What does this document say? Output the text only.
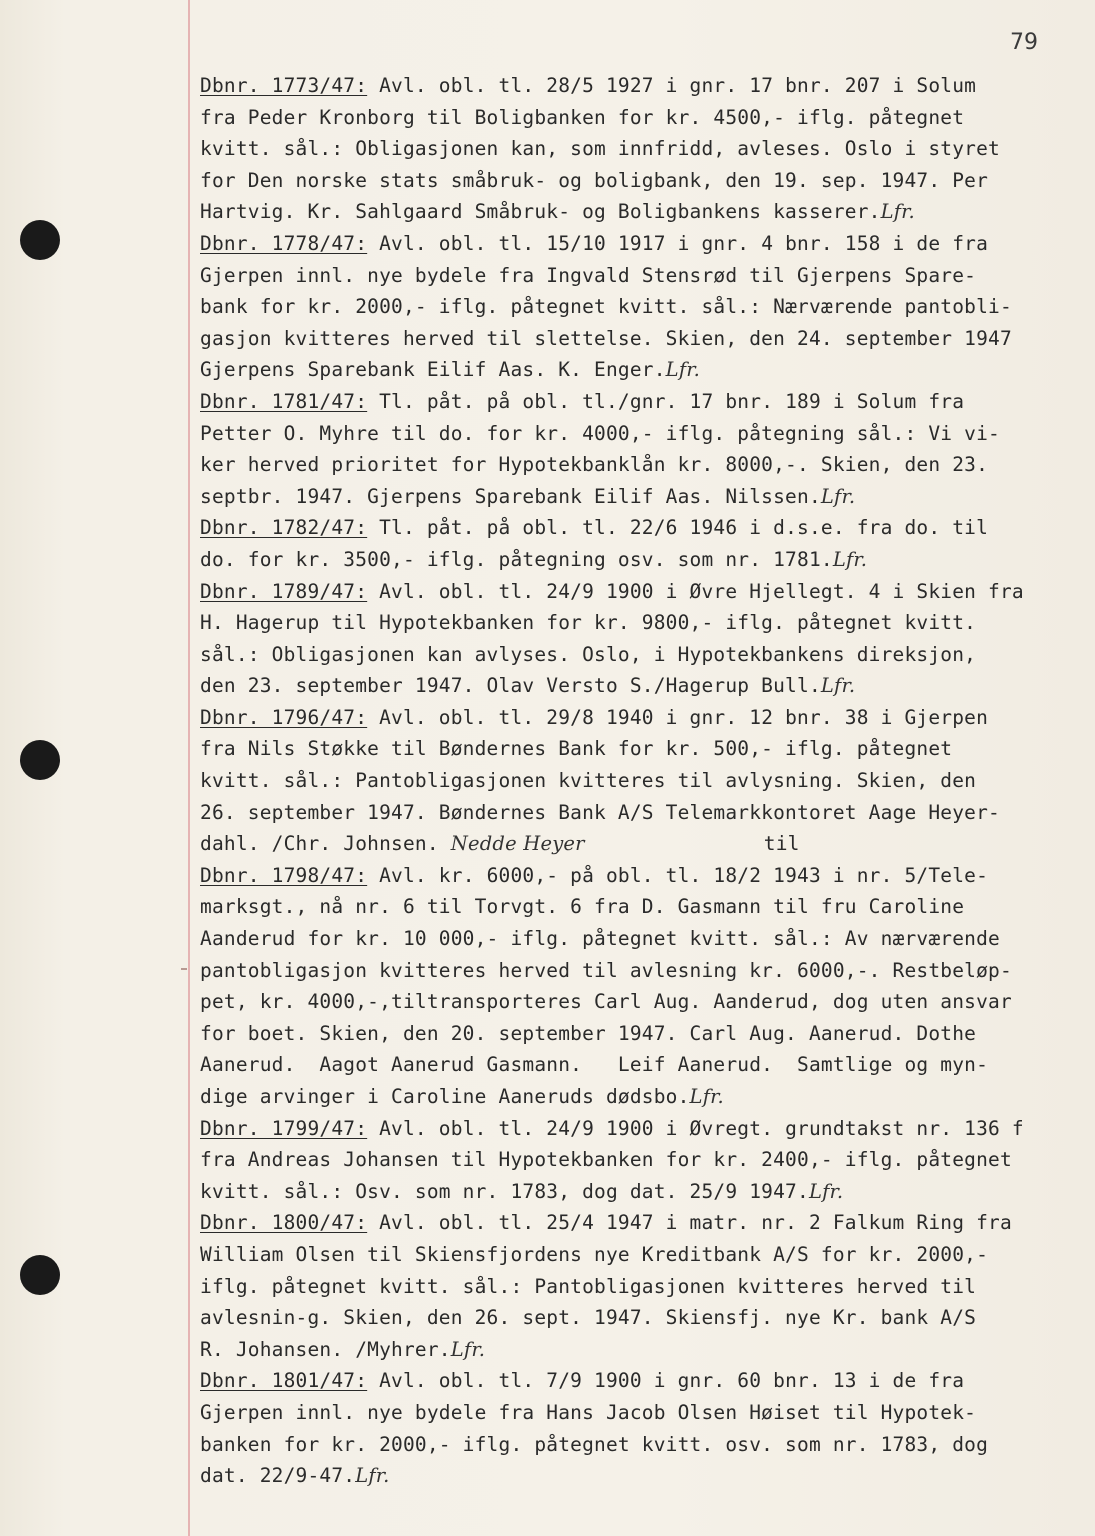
79
Dbnr. 1773/47: Avl. obl. tl. 28/5 1927 i gnr. 17 bnr. 207 i Solum
fra Peder Kronborg til Boligbanken for kr. 4500,- iflg. påtegnet
kvitt. sål.: Obligasjonen kan, som innfridd, avleses. Oslo i styret
for Den norske stats småbruk- og boligbank, den 19. sep. 1947. Per
Hartvig. Kr. Sahlgaard Småbruk- og Boligbankens kasserer.Lfr.
Dbnr. 1778/47: Avl. obl. tl. 15/10 1917 i gnr. 4 bnr. 158 i de fra
Gjerpen innl. nye bydele fra Ingvald Stensrød til Gjerpens Spare-
bank for kr. 2000,- iflg. påtegnet kvitt. sål.: Nærværende pantobli-
gasjon kvitteres herved til slettelse. Skien, den 24. september 1947
Gjerpens Sparebank Eilif Aas. K. Enger.Lfr.
Dbnr. 1781/47: Tl. påt. på obl. tl./gnr. 17 bnr. 189 i Solum fra
Petter O. Myhre til do. for kr. 4000,- iflg. påtegning sål.: Vi vi-
ker herved prioritet for Hypotekbanklån kr. 8000,-. Skien, den 23.
septbr. 1947. Gjerpens Sparebank Eilif Aas. Nilssen.Lfr.
Dbnr. 1782/47: Tl. påt. på obl. tl. 22/6 1946 i d.s.e. fra do. til
do. for kr. 3500,- iflg. påtegning osv. som nr. 1781.Lfr.
Dbnr. 1789/47: Avl. obl. tl. 24/9 1900 i Øvre Hjellegt. 4 i Skien fra
H. Hagerup til Hypotekbanken for kr. 9800,- iflg. påtegnet kvitt.
sål.: Obligasjonen kan avlyses. Oslo, i Hypotekbankens direksjon,
den 23. september 1947. Olav Versto S./Hagerup Bull.Lfr.
Dbnr. 1796/47: Avl. obl. tl. 29/8 1940 i gnr. 12 bnr. 38 i Gjerpen
fra Nils Støkke til Bøndernes Bank for kr. 500,- iflg. påtegnet
kvitt. sål.: Pantobligasjonen kvitteres til avlysning. Skien, den
26. september 1947. Bøndernes Bank A/S Telemarkkontoret Aage Heyer-
dahl. /Chr. Johnsen. Nedde Heyer               til
Dbnr. 1798/47: Avl. kr. 6000,- på obl. tl. 18/2 1943 i nr. 5/Tele-
marksgt., nå nr. 6 til Torvgt. 6 fra D. Gasmann til fru Caroline
Aanderud for kr. 10 000,- iflg. påtegnet kvitt. sål.: Av nærværende
pantobligasjon kvitteres herved til avlesning kr. 6000,-. Restbeløp-
pet, kr. 4000,-,tiltransporteres Carl Aug. Aanderud, dog uten ansvar
for boet. Skien, den 20. september 1947. Carl Aug. Aanerud. Dothe
Aanerud.  Aagot Aanerud Gasmann.   Leif Aanerud.  Samtlige og myn-
dige arvinger i Caroline Aaneruds dødsbo.Lfr.
Dbnr. 1799/47: Avl. obl. tl. 24/9 1900 i Øvregt. grundtakst nr. 136 f
fra Andreas Johansen til Hypotekbanken for kr. 2400,- iflg. påtegnet
kvitt. sål.: Osv. som nr. 1783, dog dat. 25/9 1947.Lfr.
Dbnr. 1800/47: Avl. obl. tl. 25/4 1947 i matr. nr. 2 Falkum Ring fra
William Olsen til Skiensfjordens nye Kreditbank A/S for kr. 2000,-
iflg. påtegnet kvitt. sål.: Pantobligasjonen kvitteres herved til
avlesnin-g. Skien, den 26. sept. 1947. Skiensfj. nye Kr. bank A/S
R. Johansen. /Myhrer.Lfr.
Dbnr. 1801/47: Avl. obl. tl. 7/9 1900 i gnr. 60 bnr. 13 i de fra
Gjerpen innl. nye bydele fra Hans Jacob Olsen Høiset til Hypotek-
banken for kr. 2000,- iflg. påtegnet kvitt. osv. som nr. 1783, dog
dat. 22/9-47.Lfr.
